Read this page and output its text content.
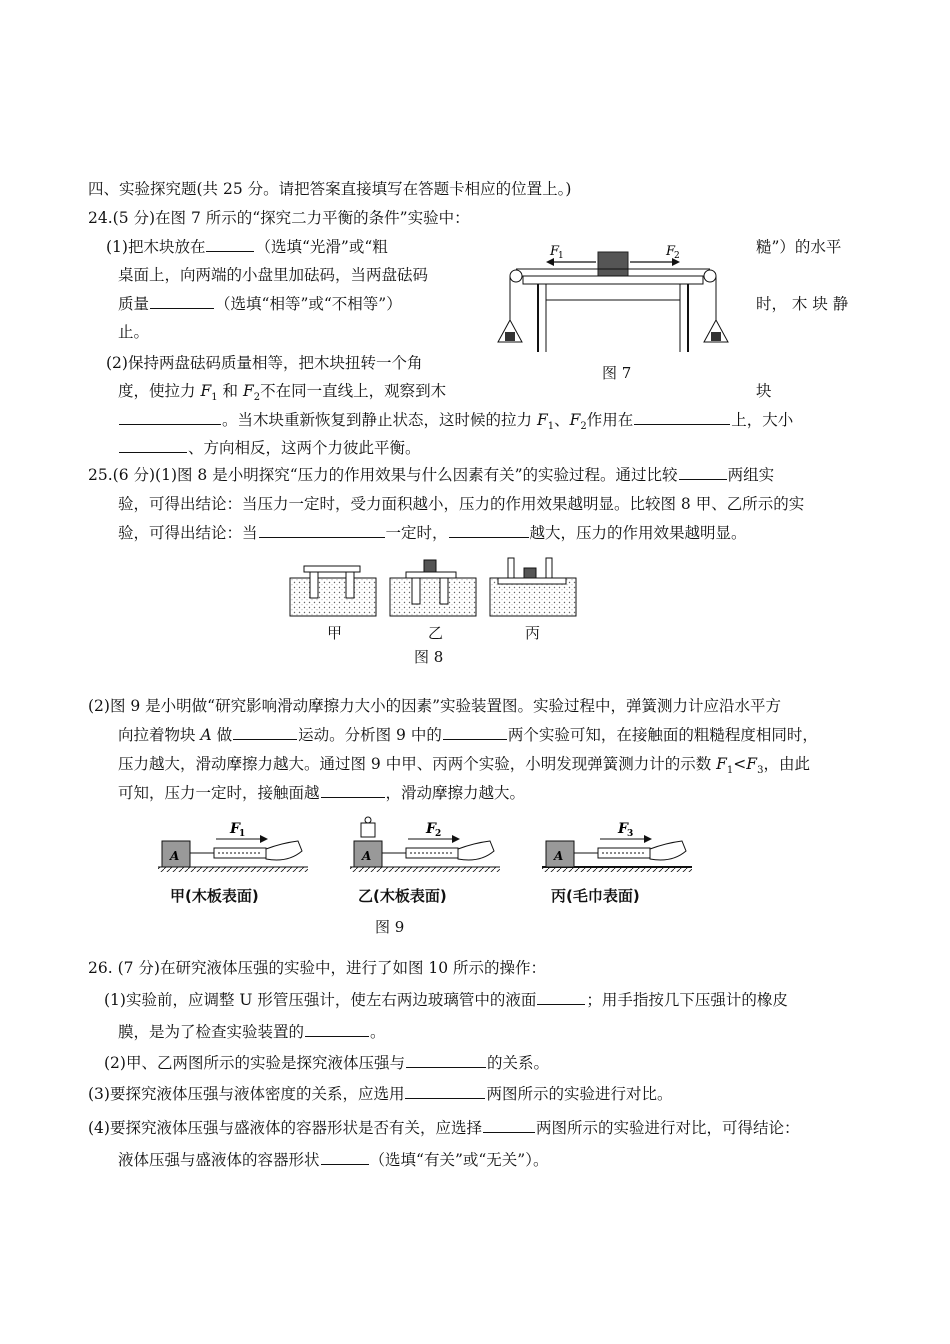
四、实验探究题(共 25 分。请把答案直接填写在答题卡相应的位置上。)
24.(5 分)在图 7 所示的“探究二力平衡的条件”实验中：
(1)把木块放在	（选填“光滑”或“粗	糙”）的水平
桌面上，向两端的小盘里加砝码，当两盘砝码
质量	（选填“相等”或“不相等”）	时， 木 块 静
止。
(2)保持两盘砝码质量相等，把木块扭转一个角
度，使拉力 $F_1$ 和 $F_2$不在同一直线上，观察到木	块
。当木块重新恢复到静止状态，这时候的拉力 $F_1$、$F_2$作用在	上，大小
、方向相反，这两个力彼此平衡。
F
1	F
2
图 7
25.(6 分)(1)图 8 是小明探究“压力的作用效果与什么因素有关”的实验过程。通过比较	两组实
验，可得出结论：当压力一定时，受力面积越小，压力的作用效果越明显。比较图 8 甲、乙所示的实
验，可得出结论：当	一定时，	越大，压力的作用效果越明显。
甲	乙	丙
图 8
(2)图 9 是小明做“研究影响滑动摩擦力大小的因素”实验装置图。实验过程中，弹簧测力计应沿水平方
向拉着物块 A 做	运动。分析图 9 中的	两个实验可知，在接触面的粗糙程度相同时，
压力越大，滑动摩擦力越大。通过图 9 中甲、丙两个实验，小明发现弹簧测力计的示数 $F_1<F_3$，由此
可知，压力一定时，接触面越	，滑动摩擦力越大。
A
F 1
A
F 2
A
F 3
甲(木板表面)	乙(木板表面)	丙(毛巾表面)
图 9
26. (7 分)在研究液体压强的实验中，进行了如图 10 所示的操作：
(1)实验前，应调整 U 形管压强计，使左右两边玻璃管中的液面	；用手指按几下压强计的橡皮
膜，是为了检查实验装置的	。
(2)甲、乙两图所示的实验是探究液体压强与	的关系。
(3)要探究液体压强与液体密度的关系，应选用	两图所示的实验进行对比。
(4)要探究液体压强与盛液体的容器形状是否有关，应选择	两图所示的实验进行对比，可得结论：
液体压强与盛液体的容器形状	（选填“有关”或“无关”）。
